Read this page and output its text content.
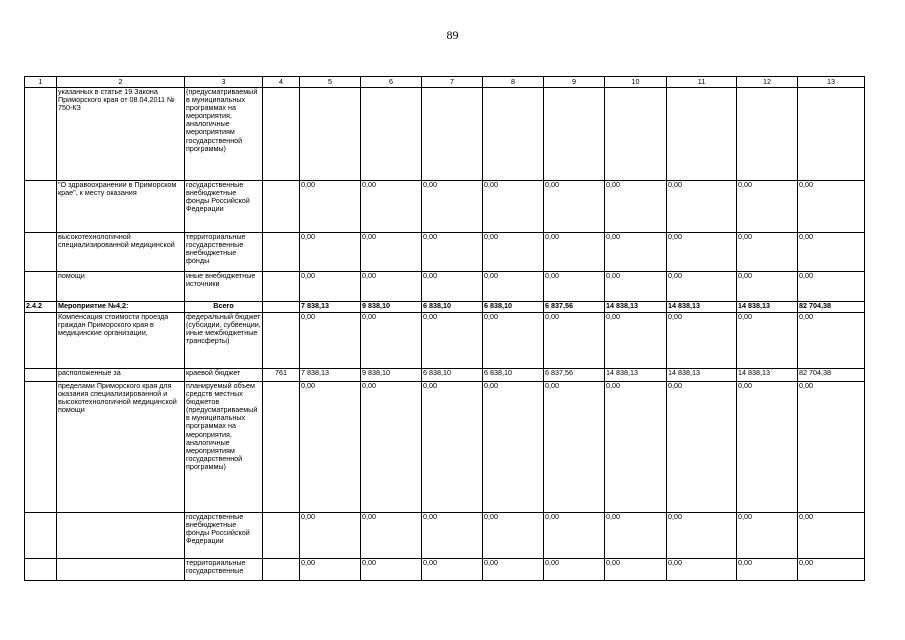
89
1	2	3	4	5	6	7	8	9	10	11	12	13
	указанных в статье 19 Закона Приморского края от 08.04.2011 № 750-КЗ	(предусматриваемый в муниципальных программах на мероприятия, аналогичные мероприятиям государственной программы)										
	"О здравоохранении в Приморском крае", к месту оказания	государственные внебюджетные фонды Российской Федерации		0,00	0,00	0,00	0,00	0,00	0,00	0,00	0,00	0,00
	высокотехнологичной специализированной медицинской	территориальные государственные внебюджетные фонды		0,00	0,00	0,00	0,00	0,00	0,00	0,00	0,00	0,00
	помощи	иные внебюджетные источники		0,00	0,00	0,00	0,00	0,00	0,00	0,00	0,00	0,00
2.4.2	Мероприятие №4.2:	Всего		7 838,13	9 838,10	6 838,10	6 838,10	6 837,56	14 838,13	14 838,13	14 838,13	82 704,38
	Компенсация стоимости проезда граждан Приморского края в медицинские организации,	федеральный бюджет (субсидии, субвенции, иные межбюджетные трансферты)		0,00	0,00	0,00	0,00	0,00	0,00	0,00	0,00	0,00
	расположенные за	краевой бюджет	761	7 838,13	9 838,10	6 838,10	6 838,10	6 837,56	14 838,13	14 838,13	14 838,13	82 704,38
	пределами Приморского края для оказания специализированной и высокотехнологичной медицинской помощи	планируемый объем средств местных бюджетов (предусматриваемый в муниципальных программах на мероприятия, аналогичные мероприятиям государственной программы)		0,00	0,00	0,00	0,00	0,00	0,00	0,00	0,00	0,00
		государственные внебюджетные фонды Российской Федерации		0,00	0,00	0,00	0,00	0,00	0,00	0,00	0,00	0,00
		территориальные государственные		0,00	0,00	0,00	0,00	0,00	0,00	0,00	0,00	0,00
